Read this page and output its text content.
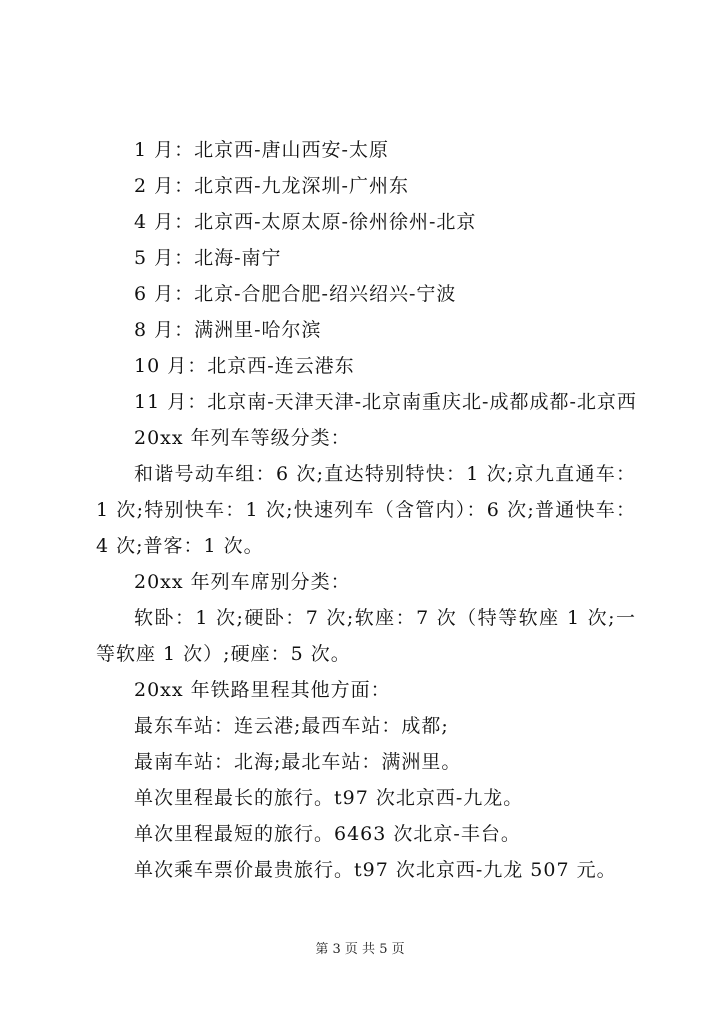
1 月：北京西-唐山西安-太原
2 月：北京西-九龙深圳-广州东
4 月：北京西-太原太原-徐州徐州-北京
5 月：北海-南宁
6 月：北京-合肥合肥-绍兴绍兴-宁波
8 月：满洲里-哈尔滨
10 月：北京西-连云港东
11 月：北京南-天津天津-北京南重庆北-成都成都-北京西
20xx 年列车等级分类：
和谐号动车组：6 次;直达特别特快：1 次;京九直通车：1 次;特别快车：1 次;快速列车（含管内）：6 次;普通快车：4 次;普客：1 次。
20xx 年列车席别分类：
软卧：1 次;硬卧：7 次;软座：7 次（特等软座 1 次;一等软座 1 次）;硬座：5 次。
20xx 年铁路里程其他方面：
最东车站：连云港;最西车站：成都;
最南车站：北海;最北车站：满洲里。
单次里程最长的旅行。t97 次北京西-九龙。
单次里程最短的旅行。6463 次北京-丰台。
单次乘车票价最贵旅行。t97 次北京西-九龙 507 元。
第 3 页 共 5 页
